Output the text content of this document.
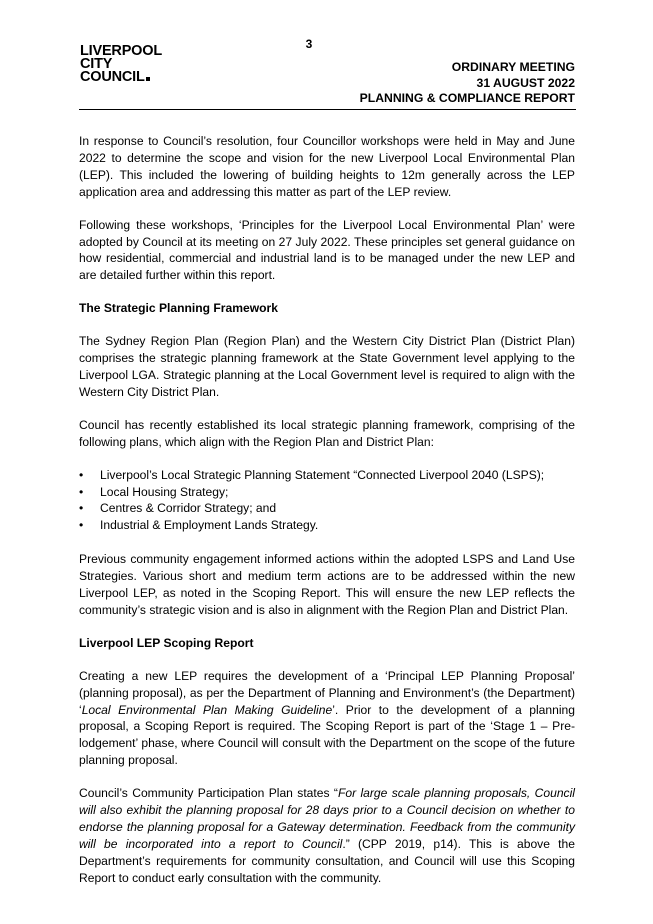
3
LIVERPOOL
CITY
COUNCIL
ORDINARY MEETING
31 AUGUST 2022
PLANNING & COMPLIANCE REPORT

In response to Council’s resolution, four Councillor workshops were held in May and June 2022 to determine the scope and vision for the new Liverpool Local Environmental Plan (LEP). This included the lowering of building heights to 12m generally across the LEP application area and addressing this matter as part of the LEP review.

Following these workshops, ‘Principles for the Liverpool Local Environmental Plan’ were adopted by Council at its meeting on 27 July 2022. These principles set general guidance on how residential, commercial and industrial land is to be managed under the new LEP and are detailed further within this report.

The Strategic Planning Framework

The Sydney Region Plan (Region Plan) and the Western City District Plan (District Plan) comprises the strategic planning framework at the State Government level applying to the Liverpool LGA. Strategic planning at the Local Government level is required to align with the Western City District Plan.

Council has recently established its local strategic planning framework, comprising of the following plans, which align with the Region Plan and District Plan:

• Liverpool’s Local Strategic Planning Statement “Connected Liverpool 2040 (LSPS);
• Local Housing Strategy;
• Centres & Corridor Strategy; and
• Industrial & Employment Lands Strategy.

Previous community engagement informed actions within the adopted LSPS and Land Use Strategies. Various short and medium term actions are to be addressed within the new Liverpool LEP, as noted in the Scoping Report. This will ensure the new LEP reflects the community’s strategic vision and is also in alignment with the Region Plan and District Plan.

Liverpool LEP Scoping Report

Creating a new LEP requires the development of a ‘Principal LEP Planning Proposal’ (planning proposal), as per the Department of Planning and Environment’s (the Department) ‘Local Environmental Plan Making Guideline’. Prior to the development of a planning proposal, a Scoping Report is required. The Scoping Report is part of the ‘Stage 1 – Pre-lodgement’ phase, where Council will consult with the Department on the scope of the future planning proposal.

Council’s Community Participation Plan states “For large scale planning proposals, Council will also exhibit the planning proposal for 28 days prior to a Council decision on whether to endorse the planning proposal for a Gateway determination. Feedback from the community will be incorporated into a report to Council.” (CPP 2019, p14). This is above the Department’s requirements for community consultation, and Council will use this Scoping Report to conduct early consultation with the community.
